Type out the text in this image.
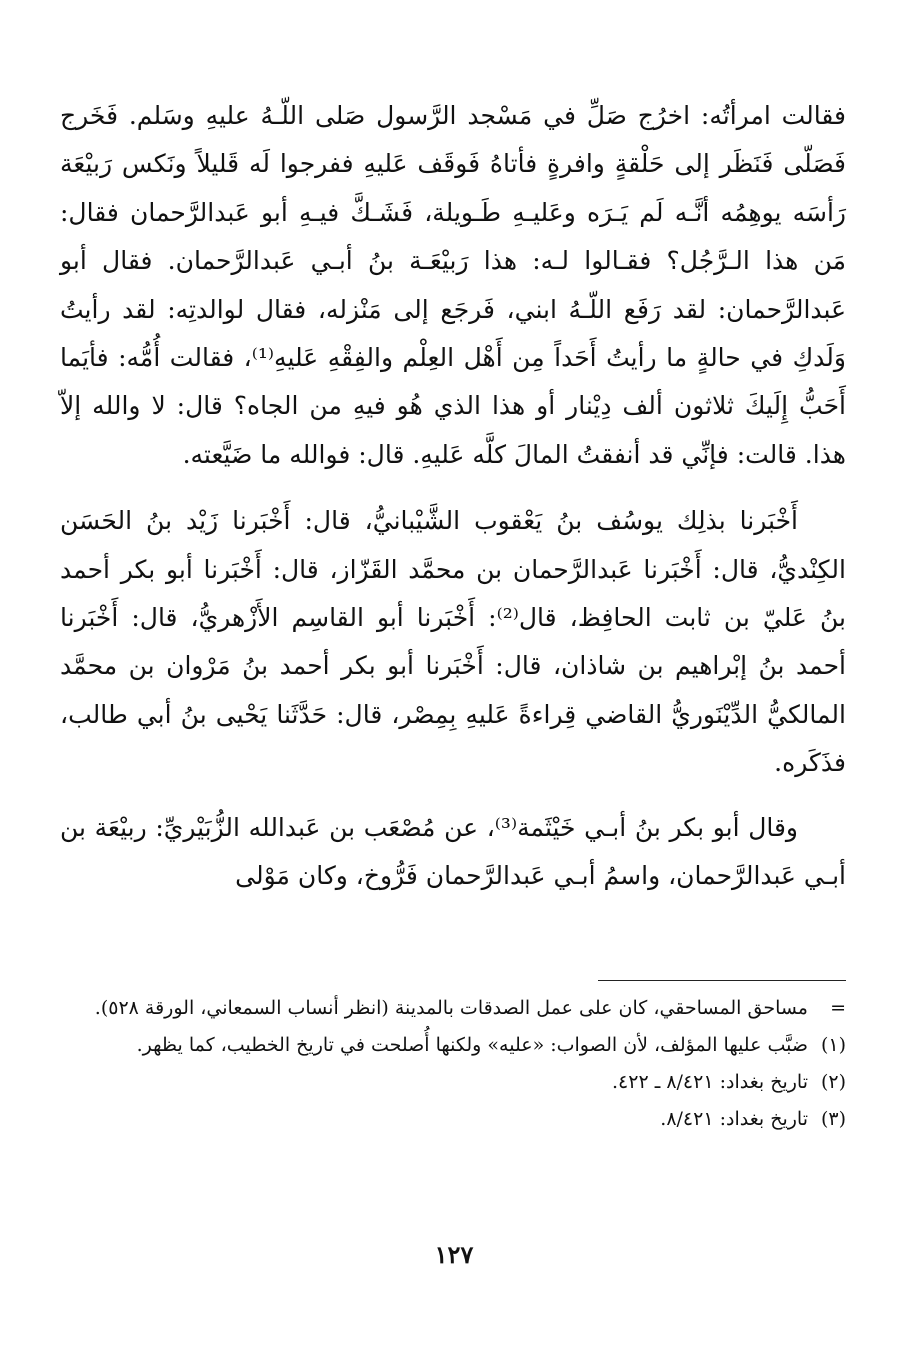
فقالت امرأتُه: اخرُج صَلِّ في مَسْجد الرَّسول صَلى اللّـهُ عليهِ وسَلم. فَخَرج فَصَلّى فَنَظَر إلى حَلْقةٍ وافرةٍ فأتاهُ فَوقَف عَليهِ ففرجوا لَه قَليلاً ونَكس رَبيْعَة رَأسَه يوهِمُه أنَّـه لَم يَـرَه وعَليـهِ طَـويلة، فَشَـكَّ فيـهِ أبو عَبدالرَّحمان فقال: مَن هذا الـرَّجُل؟ فقـالوا لـه: هذا رَبيْعَـة بنُ أبـي عَبدالرَّحمان. فقال أبو عَبدالرَّحمان: لقد رَفَع اللّـهُ ابني، فَرجَع إلى مَنْزله، فقال لوالدتِه: لقد رأيتُ وَلَدكِ في حالةٍ ما رأيتُ أَحَداً مِن أَهْل العِلْم والفِقْهِ عَليهِ⁽¹⁾، فقالت أُمُّه: فأيَما أَحَبُّ إِلَيكَ ثلاثون ألف دِيْنار أو هذا الذي هُو فيهِ من الجاه؟ قال: لا والله إلاّ هذا. قالت: فإنِّي قد أنفقتُ المالَ كلَّه عَليهِ. قال: فوالله ما ضَيَّعته.

أَخْبَرنا بذلِك يوسُف بنُ يَعْقوب الشَّيْبانيُّ، قال: أَخْبَرنا زَيْد بنُ الحَسَن الكِنْديُّ، قال: أَخْبَرنا عَبدالرَّحمان بن محمَّد القَزّاز، قال: أَخْبَرنا أبو بكر أحمد بنُ عَليّ بن ثابت الحافِظ، قال⁽²⁾: أَخْبَرنا أبو القاسِم الأَزْهريُّ، قال: أَخْبَرنا أحمد بنُ إبْراهيم بن شاذان، قال: أَخْبَرنا أبو بكر أحمد بنُ مَرْوان بن محمَّد المالكيُّ الدِّيْنَوريُّ القاضي قِراءةً عَليهِ بِمِصْر، قال: حَدَّثَنا يَحْيى بنُ أبي طالب، فذَكَره.

وقال أبو بكر بنُ أبـي خَيْثَمة⁽³⁾، عن مُصْعَب بن عَبدالله الزُّبَيْريِّ: ربيْعَة بن أبـي عَبدالرَّحمان، واسمُ أبـي عَبدالرَّحمان فَرُّوخ، وكان مَوْلى

=
مساحق المساحقي، كان على عمل الصدقات بالمدينة (انظر أنساب السمعاني، الورقة ٥٢٨).
(١)
ضبَّب عليها المؤلف، لأن الصواب: «عليه» ولكنها أُصلحت في تاريخ الخطيب، كما يظهر.
(٢)
تاريخ بغداد: ٨/٤٢١ ـ ٤٢٢.
(٣)
تاريخ بغداد: ٨/٤٢١.
١٢٧
